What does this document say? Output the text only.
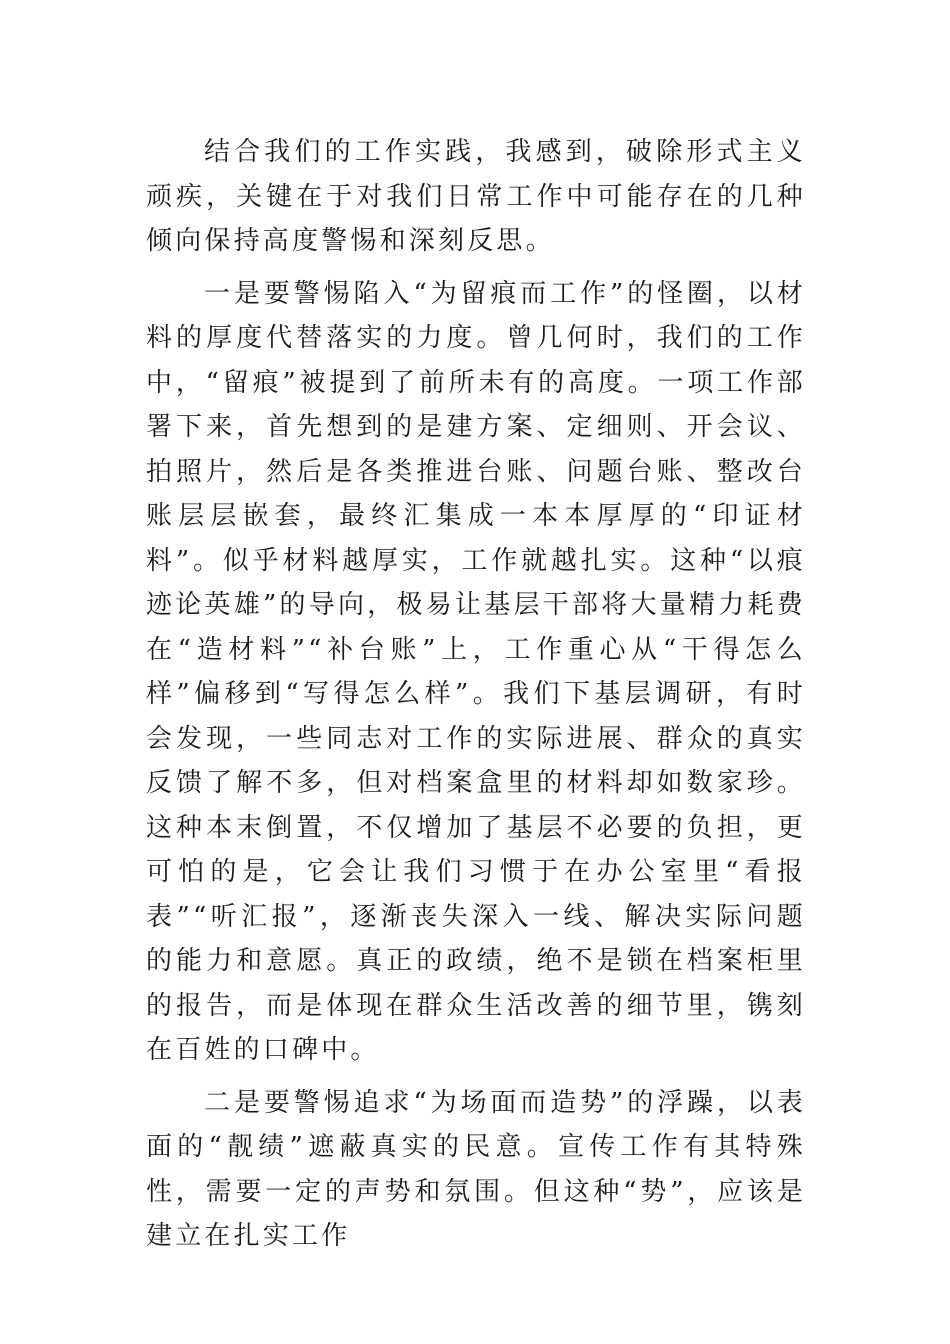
结合我们的工作实践，我感到，破除形式主义顽疾，关键在于对我们日常工作中可能存在的几种倾向保持高度警惕和深刻反思。

一是要警惕陷入“为留痕而工作”的怪圈，以材料的厚度代替落实的力度。曾几何时，我们的工作中，“留痕”被提到了前所未有的高度。一项工作部署下来，首先想到的是建方案、定细则、开会议、拍照片，然后是各类推进台账、问题台账、整改台账层层嵌套，最终汇集成一本本厚厚的“印证材料”。似乎材料越厚实，工作就越扎实。这种“以痕迹论英雄”的导向，极易让基层干部将大量精力耗费在“造材料”“补台账”上，工作重心从“干得怎么样”偏移到“写得怎么样”。我们下基层调研，有时会发现，一些同志对工作的实际进展、群众的真实反馈了解不多，但对档案盒里的材料却如数家珍。这种本末倒置，不仅增加了基层不必要的负担，更可怕的是，它会让我们习惯于在办公室里“看报表”“听汇报”，逐渐丧失深入一线、解决实际问题的能力和意愿。真正的政绩，绝不是锁在档案柜里的报告，而是体现在群众生活改善的细节里，镌刻在百姓的口碑中。

二是要警惕追求“为场面而造势”的浮躁，以表面的“靓绩”遮蔽真实的民意。宣传工作有其特殊性，需要一定的声势和氛围。但这种“势”，应该是建立在扎实工作
